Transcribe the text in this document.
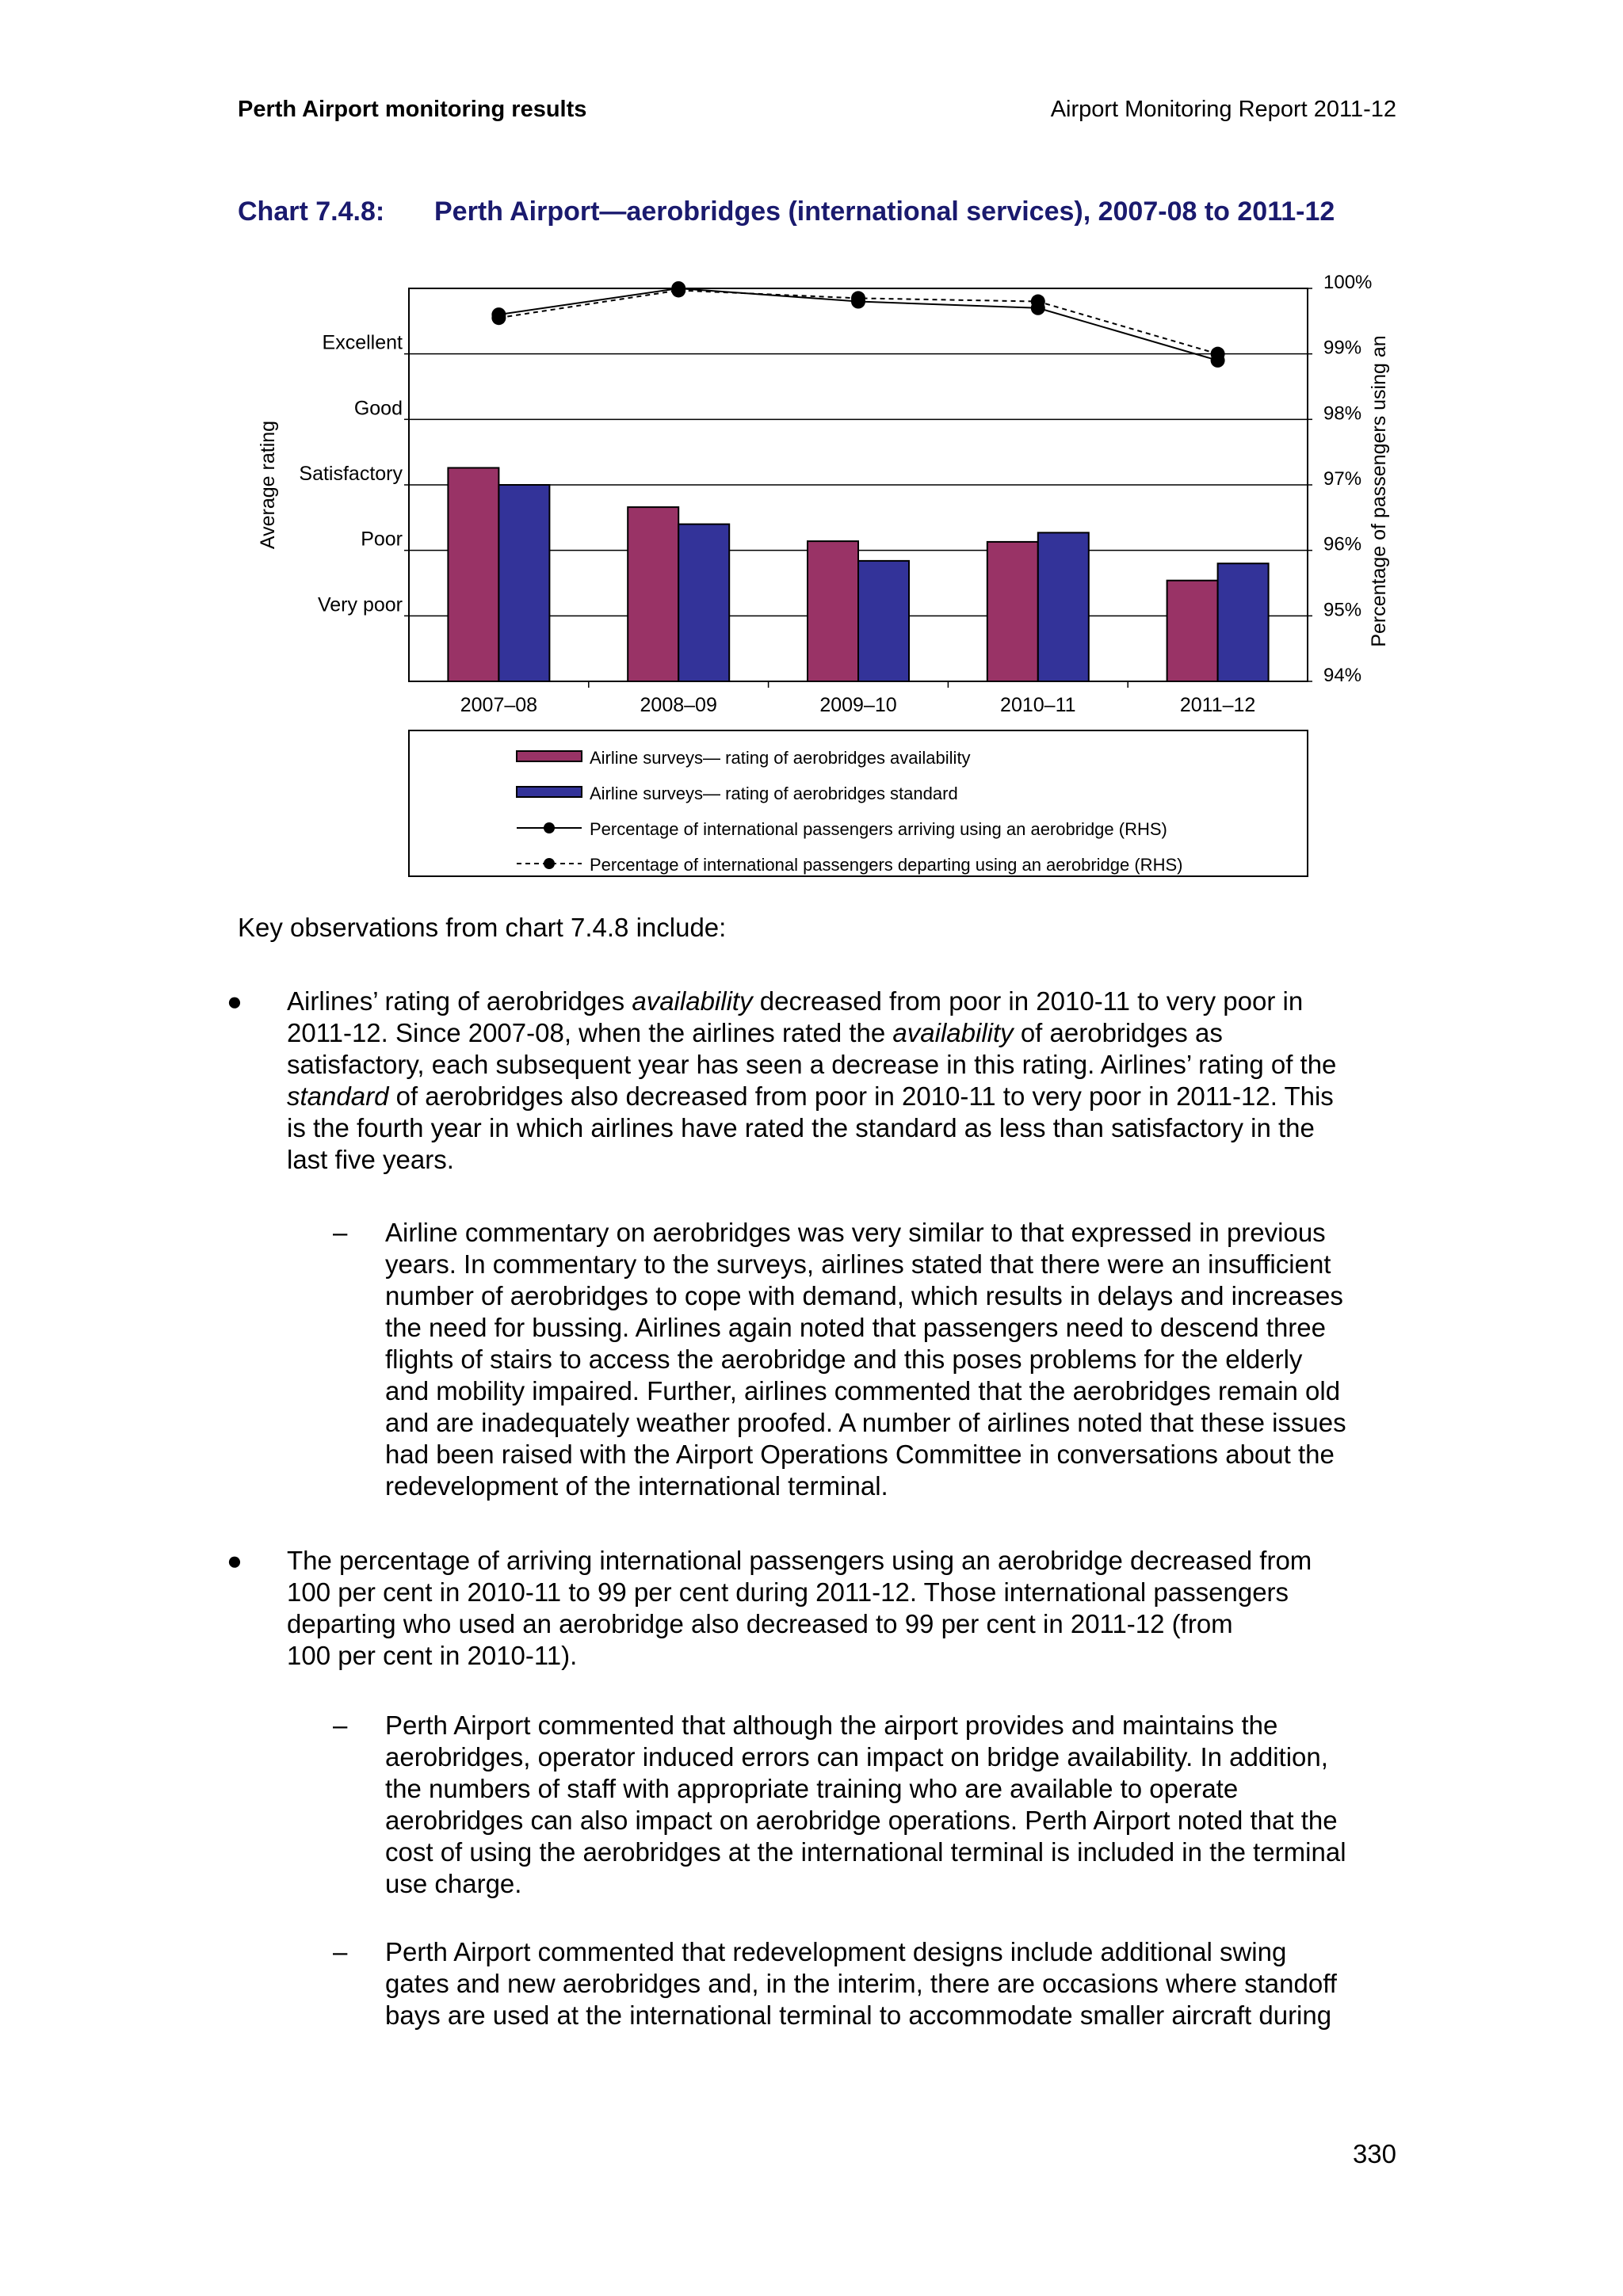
Perth Airport monitoring results	Airport Monitoring Report 2011-12
Chart 7.4.8: Perth Airport—aerobridges (international services), 2007-08 to 2011-12
Excellent
Good
Satisfactory
Poor
Very poor
100%
99%
98%
97%
96%
95%
94%
Average rating	Percentage of passengers using an
2007–08	2008–09	2009–10	2010–11	2011–12
Airline surveys— rating of aerobridges availability
Airline surveys— rating of aerobridges standard
Percentage of international passengers arriving using an aerobridge (RHS)
Percentage of international passengers departing using an aerobridge (RHS)
Key observations from chart 7.4.8 include:
● Airlines’ rating of aerobridges availability decreased from poor in 2010-11 to very poor in
2011-12. Since 2007-08, when the airlines rated the availability of aerobridges as
satisfactory, each subsequent year has seen a decrease in this rating. Airlines’ rating of the
standard of aerobridges also decreased from poor in 2010-11 to very poor in 2011-12. This
is the fourth year in which airlines have rated the standard as less than satisfactory in the
last five years.
– Airline commentary on aerobridges was very similar to that expressed in previous
years. In commentary to the surveys, airlines stated that there were an insufficient
number of aerobridges to cope with demand, which results in delays and increases
the need for bussing. Airlines again noted that passengers need to descend three
flights of stairs to access the aerobridge and this poses problems for the elderly
and mobility impaired. Further, airlines commented that the aerobridges remain old
and are inadequately weather proofed. A number of airlines noted that these issues
had been raised with the Airport Operations Committee in conversations about the
redevelopment of the international terminal.
● The percentage of arriving international passengers using an aerobridge decreased from
100 per cent in 2010-11 to 99 per cent during 2011-12. Those international passengers
departing who used an aerobridge also decreased to 99 per cent in 2011-12 (from
100 per cent in 2010-11).
– Perth Airport commented that although the airport provides and maintains the
aerobridges, operator induced errors can impact on bridge availability. In addition,
the numbers of staff with appropriate training who are available to operate
aerobridges can also impact on aerobridge operations. Perth Airport noted that the
cost of using the aerobridges at the international terminal is included in the terminal
use charge.
– Perth Airport commented that redevelopment designs include additional swing
gates and new aerobridges and, in the interim, there are occasions where standoff
bays are used at the international terminal to accommodate smaller aircraft during
330
